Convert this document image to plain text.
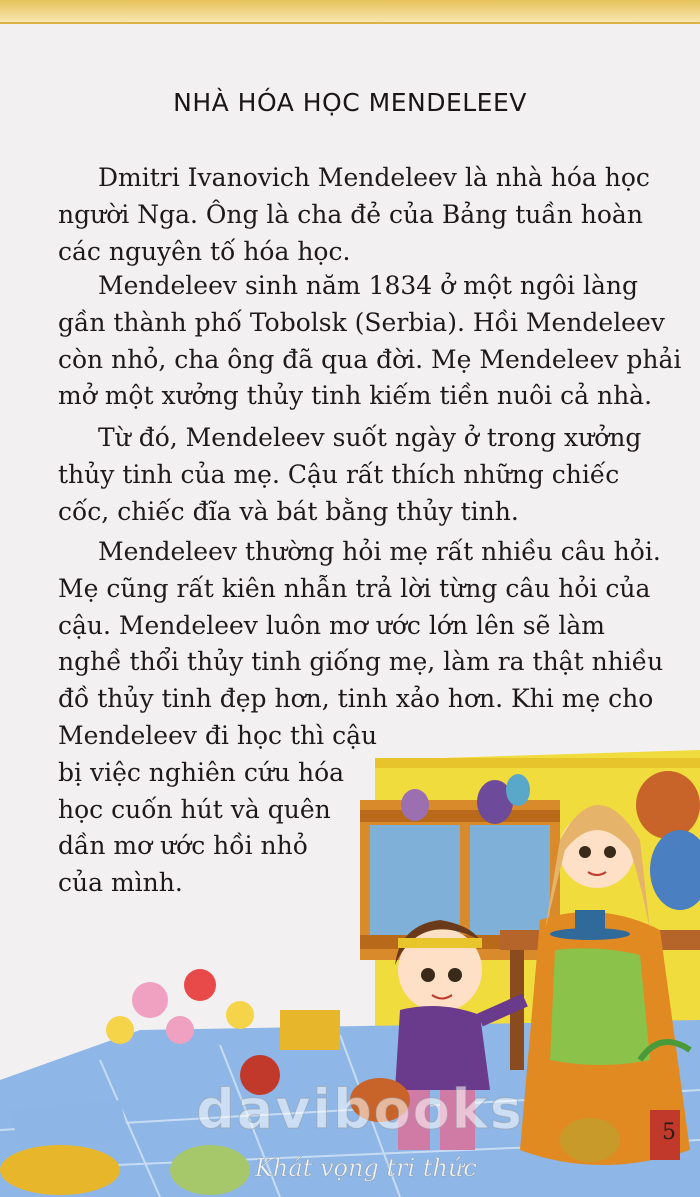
NHÀ HÓA HỌC MENDELEEV

Dmitri Ivanovich Mendeleev là nhà hóa học
người Nga. Ông là cha đẻ của Bảng tuần hoàn
các nguyên tố hóa học.

Mendeleev sinh năm 1834 ở một ngôi làng
gần thành phố Tobolsk (Serbia). Hồi Mendeleev
còn nhỏ, cha ông đã qua đời. Mẹ Mendeleev phải
mở một xưởng thủy tinh kiếm tiền nuôi cả nhà.

Từ đó, Mendeleev suốt ngày ở trong xưởng
thủy tinh của mẹ. Cậu rất thích những chiếc
cốc, chiếc đĩa và bát bằng thủy tinh.

Mendeleev thường hỏi mẹ rất nhiều câu hỏi.
Mẹ cũng rất kiên nhẫn trả lời từng câu hỏi của
cậu. Mendeleev luôn mơ ước lớn lên sẽ làm
nghề thổi thủy tinh giống mẹ, làm ra thật nhiều
đồ thủy tinh đẹp hơn, tinh xảo hơn. Khi mẹ cho
Mendeleev đi học thì cậu
bị việc nghiên cứu hóa
học cuốn hút và quên
dần mơ ước hồi nhỏ
của mình.

davibooks
Khát vọng tri thức
5
